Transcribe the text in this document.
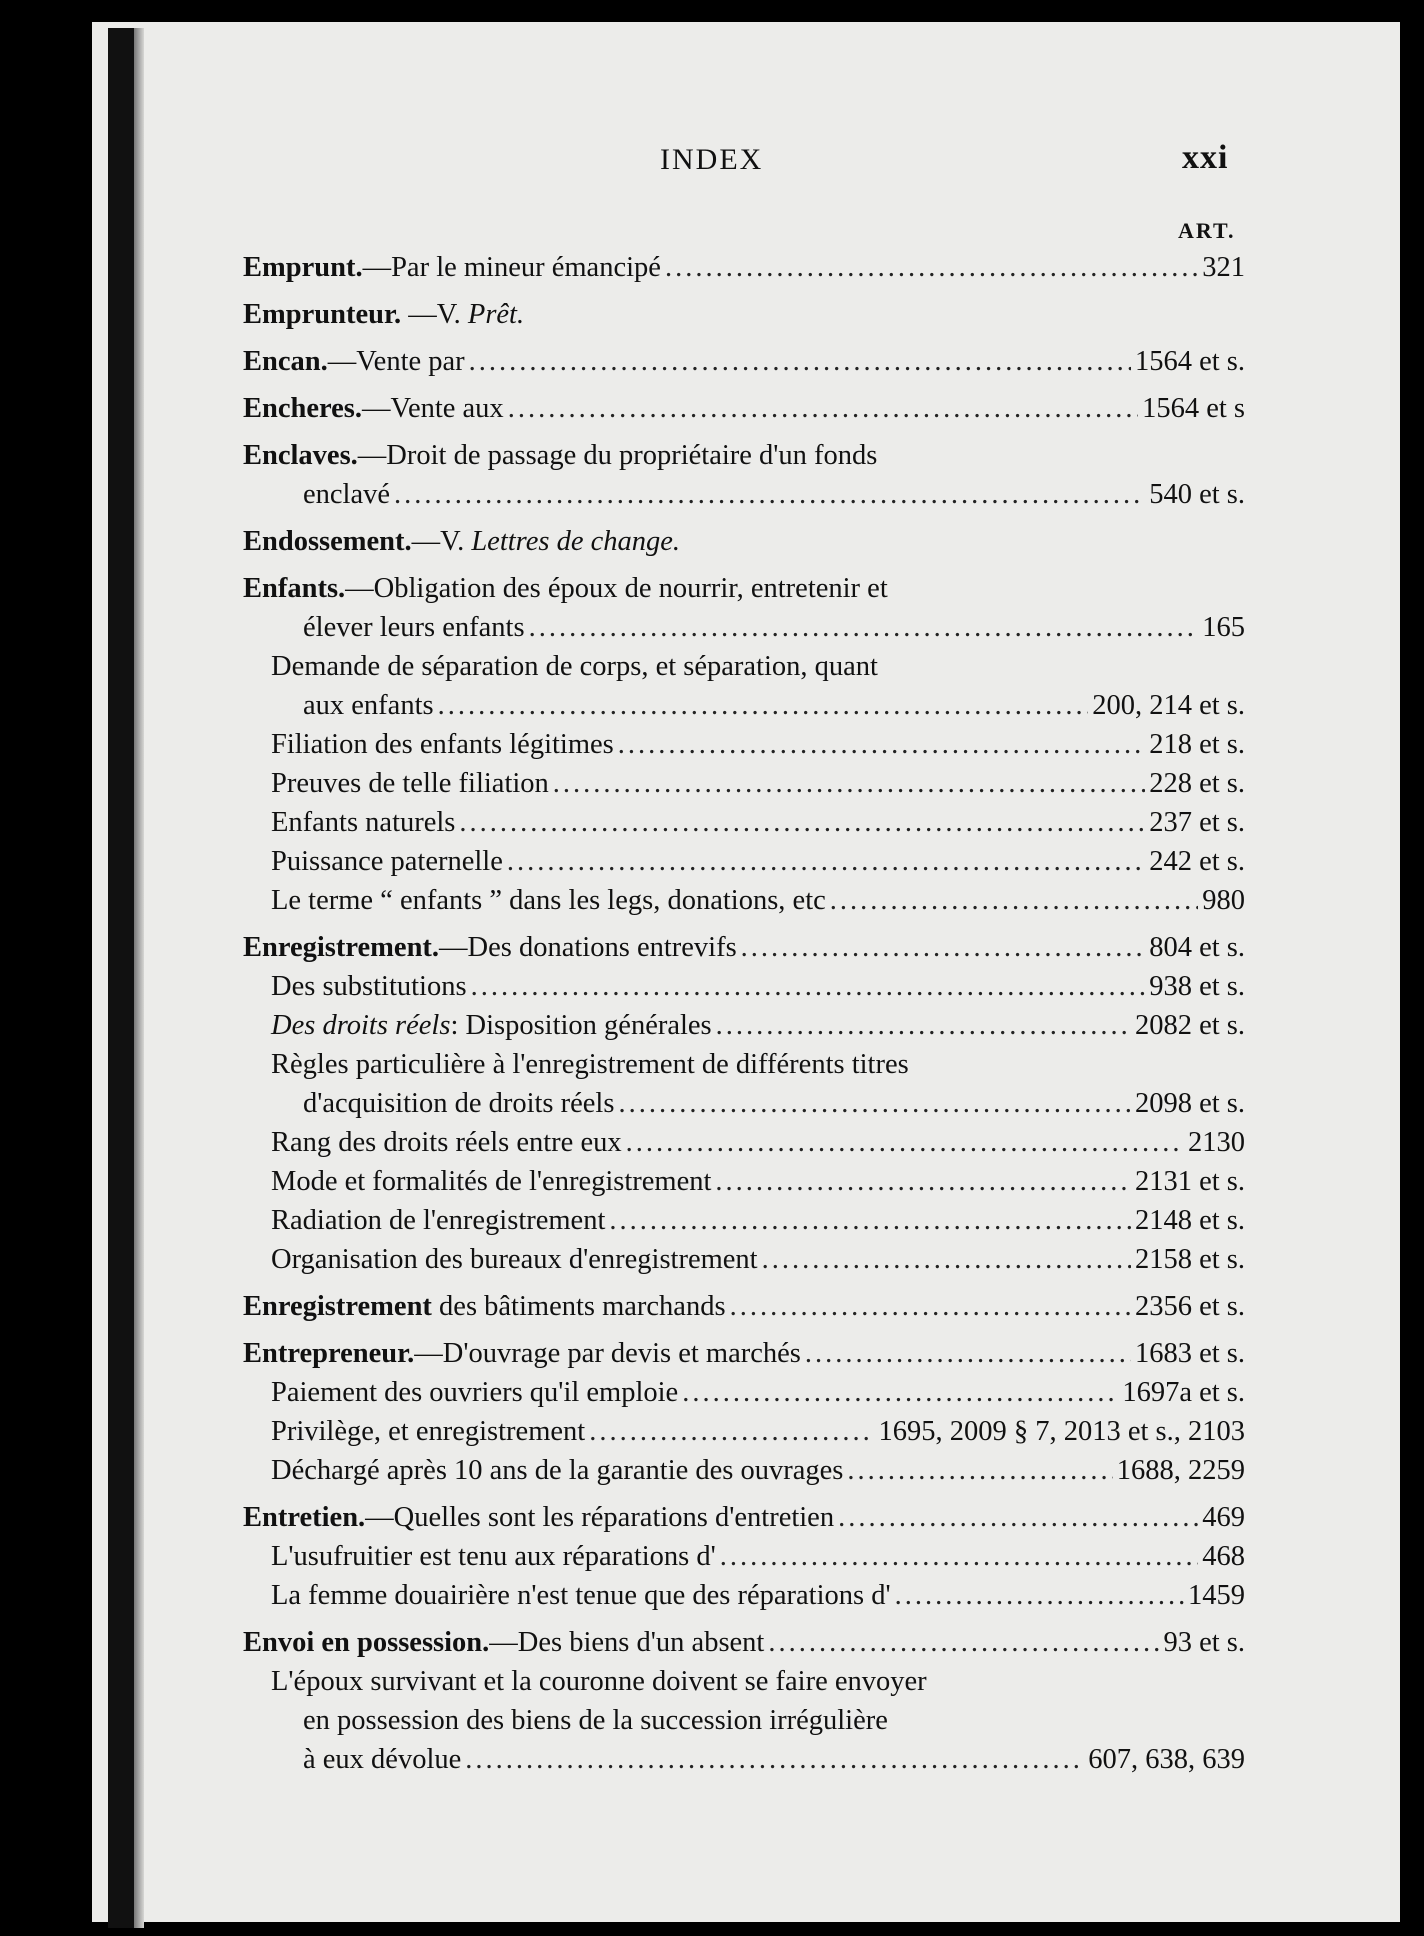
INDEX	xxi
ART.
Emprunt.—Par le mineur émancipé .....	321
Emprunteur. —V. Prêt.
Encan.—Vente par .....	1564 et s.
Encheres.—Vente aux .....	1564 et s
Enclaves.—Droit de passage du propriétaire d'un fonds
enclavé .....	540 et s.
Endossement.—V. Lettres de change.
Enfants.—Obligation des époux de nourrir, entretenir et
élever leurs enfants .....	165
Demande de séparation de corps, et séparation, quant
aux enfants .....	200, 214 et s.
Filiation des enfants légitimes .....	218 et s.
Preuves de telle filiation .....	228 et s.
Enfants naturels .....	237 et s.
Puissance paternelle .....	242 et s.
Le terme “ enfants ” dans les legs, donations, etc .....	980
Enregistrement.—Des donations entrevifs .....	804 et s.
Des substitutions .....	938 et s.
Des droits réels: Disposition générales .....	2082 et s.
Règles particulière à l'enregistrement de différents titres
d'acquisition de droits réels .....	2098 et s.
Rang des droits réels entre eux .....	2130
Mode et formalités de l'enregistrement .....	2131 et s.
Radiation de l'enregistrement .....	2148 et s.
Organisation des bureaux d'enregistrement .....	2158 et s.
Enregistrement des bâtiments marchands .....	2356 et s.
Entrepreneur.—D'ouvrage par devis et marchés .....	1683 et s.
Paiement des ouvriers qu'il emploie .....	1697a et s.
Privilège, et enregistrement .....	1695, 2009 § 7, 2013 et s., 2103
Déchargé après 10 ans de la garantie des ouvrages .....	1688, 2259
Entretien.—Quelles sont les réparations d'entretien .....	469
L'usufruitier est tenu aux réparations d' .....	468
La femme douairière n'est tenue que des réparations d' .....	1459
Envoi en possession.—Des biens d'un absent .....	93 et s.
L'époux survivant et la couronne doivent se faire envoyer
en possession des biens de la succession irrégulière
à eux dévolue .....	607, 638, 639
